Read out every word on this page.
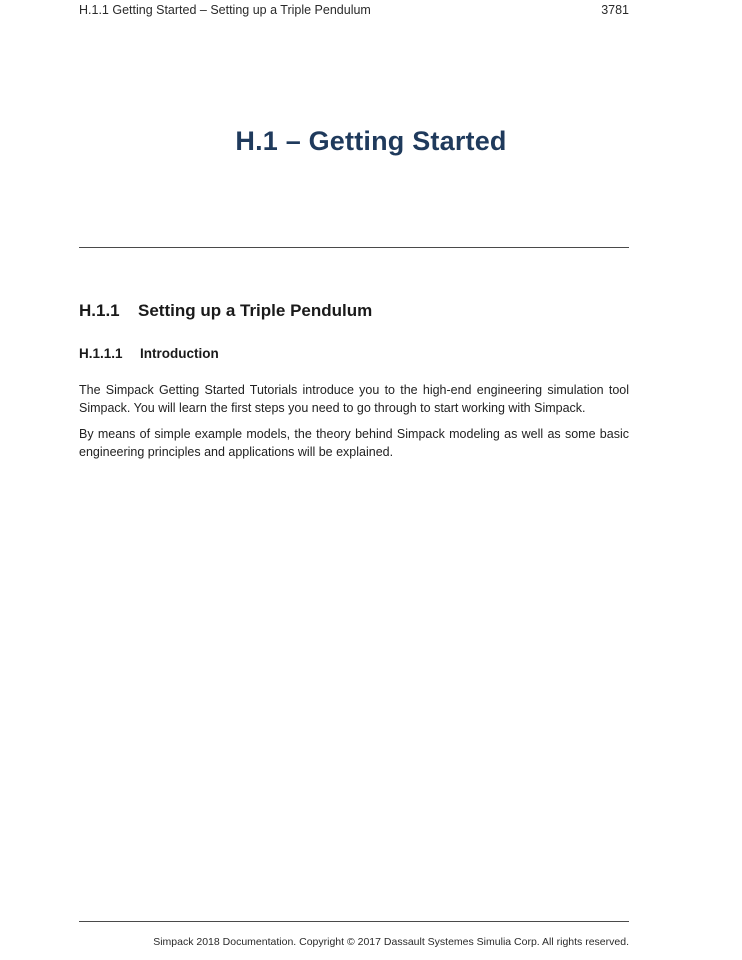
H.1.1 Getting Started – Setting up a Triple Pendulum	3781
H.1 – Getting Started
H.1.1 Setting up a Triple Pendulum
H.1.1.1 Introduction

The Simpack Getting Started Tutorials introduce you to the high-end engineering simulation tool Simpack. You will learn the first steps you need to go through to start working with Simpack.

By means of simple example models, the theory behind Simpack modeling as well as some basic engineering principles and applications will be explained.

Simpack 2018 Documentation. Copyright © 2017 Dassault Systemes Simulia Corp. All rights reserved.
